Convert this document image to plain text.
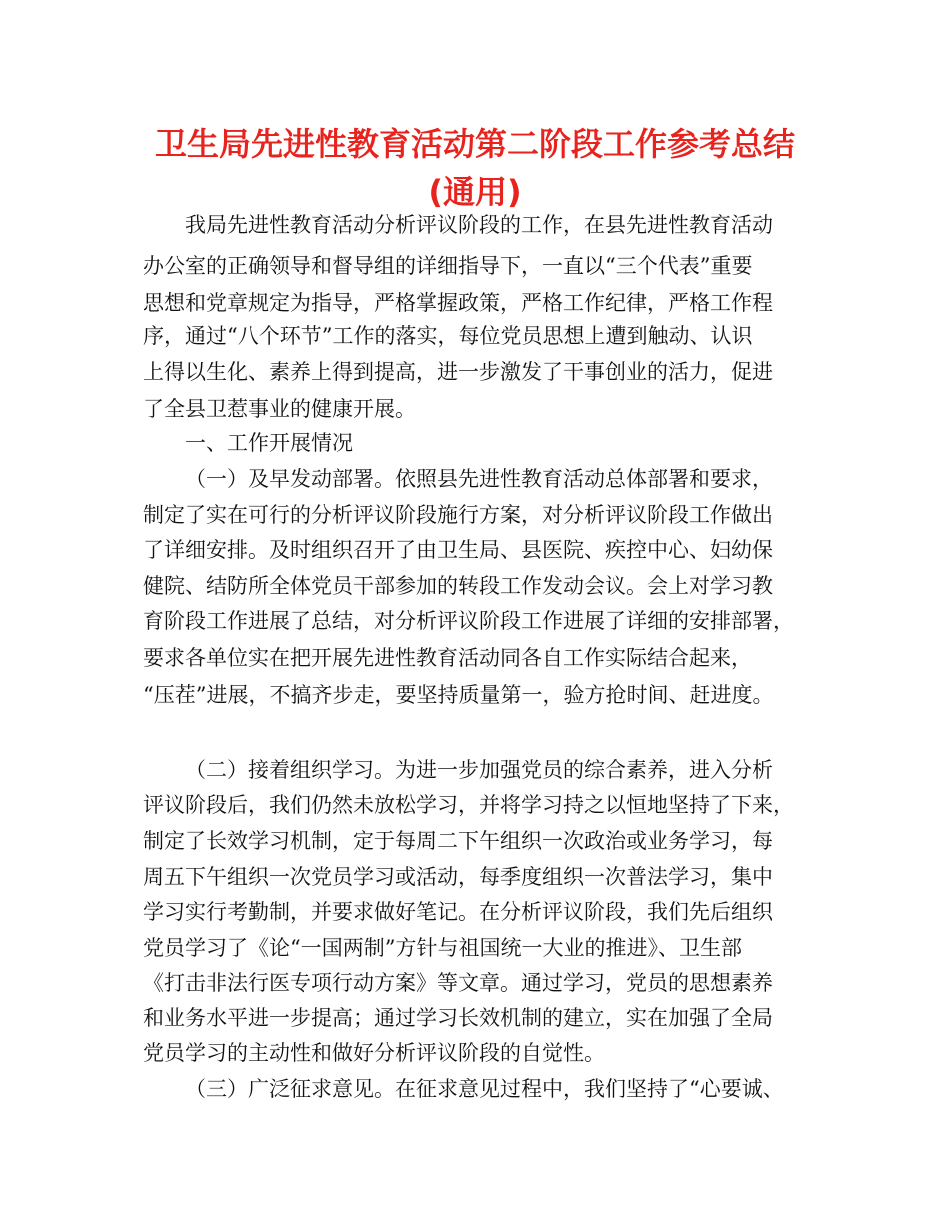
卫生局先进性教育活动第二阶段工作参考总结
(通用)
我局先进性教育活动分析评议阶段的工作，在县先进性教育活动
办公室的正确领导和督导组的详细指导下，一直以“三个代表”重要
思想和党章规定为指导，严格掌握政策，严格工作纪律，严格工作程
序，通过“八个环节”工作的落实，每位党员思想上遭到触动、认识
上得以生化、素养上得到提高，进一步激发了干事创业的活力，促进
了全县卫惹事业的健康开展。
一、工作开展情况
（一）及早发动部署。依照县先进性教育活动总体部署和要求，
制定了实在可行的分析评议阶段施行方案，对分析评议阶段工作做出
了详细安排。及时组织召开了由卫生局、县医院、疾控中心、妇幼保
健院、结防所全体党员干部参加的转段工作发动会议。会上对学习教
育阶段工作进展了总结，对分析评议阶段工作进展了详细的安排部署，
要求各单位实在把开展先进性教育活动同各自工作实际结合起来，
“压茬”进展，不搞齐步走，要坚持质量第一，验方抢时间、赶进度。
（二）接着组织学习。为进一步加强党员的综合素养，进入分析
评议阶段后，我们仍然未放松学习，并将学习持之以恒地坚持了下来，
制定了长效学习机制，定于每周二下午组织一次政治或业务学习，每
周五下午组织一次党员学习或活动，每季度组织一次普法学习，集中
学习实行考勤制，并要求做好笔记。在分析评议阶段，我们先后组织
党员学习了《论“一国两制”方针与祖国统一大业的推进》、卫生部
《打击非法行医专项行动方案》等文章。通过学习，党员的思想素养
和业务水平进一步提高；通过学习长效机制的建立，实在加强了全局
党员学习的主动性和做好分析评议阶段的自觉性。
（三）广泛征求意见。在征求意见过程中，我们坚持了“心要诚、
